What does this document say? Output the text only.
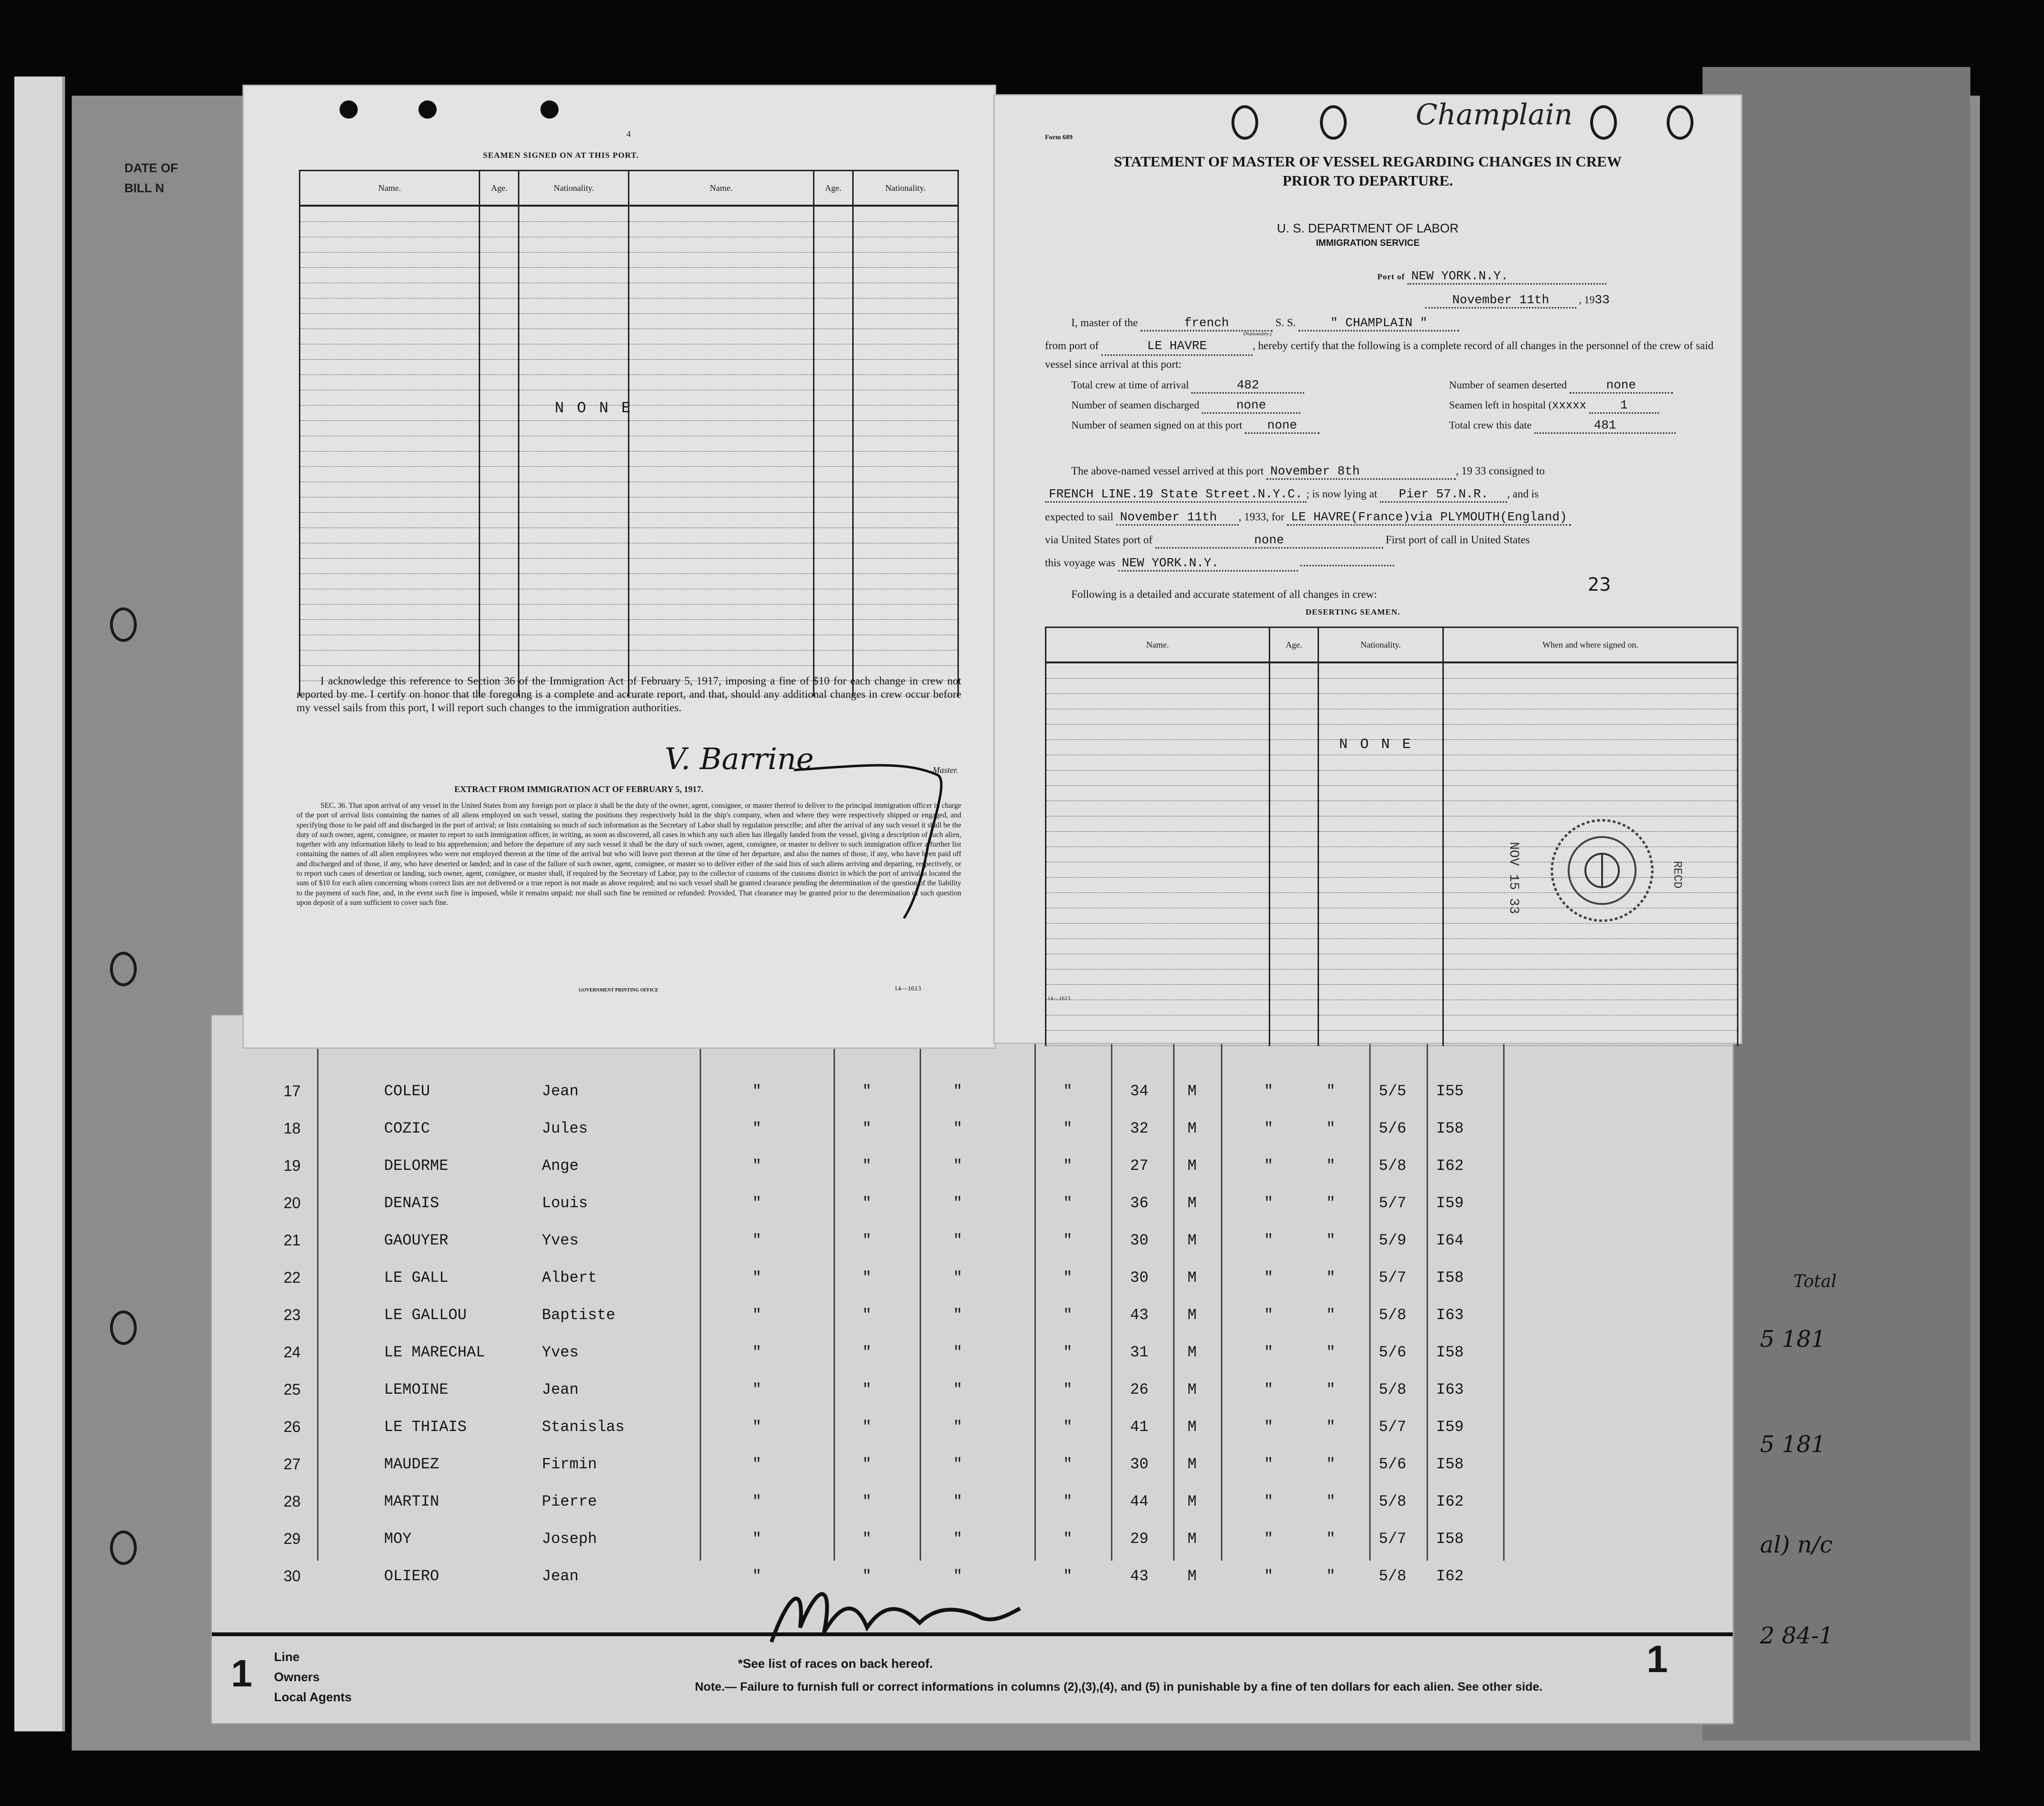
DATE OF
BILL N
17	COLEU	Jean	"	"	"	"	34	M	"	"	5/5 I55
18	COZIC	Jules	"	"	"	"	32	M	"	"	5/6 I58
19	DELORME	Ange	"	"	"	"	27	M	"	"	5/8 I62
20	DENAIS	Louis	"	"	"	"	36	M	"	"	5/7 I59
21	GAOUYER	Yves	"	"	"	"	30	M	"	"	5/9 I64
22	LE GALL	Albert	"	"	"	"	30	M	"	"	5/7 I58
23	LE GALLOU	Baptiste	"	"	"	"	43	M	"	"	5/8 I63
24	LE MARECHAL	Yves	"	"	"	"	31	M	"	"	5/6 I58
25	LEMOINE	Jean	"	"	"	"	26	M	"	"	5/8 I63
26	LE THIAIS	Stanislas	"	"	"	"	41	M	"	"	5/7 I59
27	MAUDEZ	Firmin	"	"	"	"	30	M	"	"	5/6 I58
28	MARTIN	Pierre	"	"	"	"	44	M	"	"	5/8 I62
29	MOY	Joseph	"	"	"	"	29	M	"	"	5/7 I58
30	OLIERO	Jean	"	"	"	"	43	M	"	"	5/8 I62
1 Line
Owners
Local Agents
*See list of races on back hereof.
Note.— Failure to furnish full or correct informations in columns (2),(3),(4), and (5) in punishable by a fine of ten dollars for each alien. See other side.
1
Total
5 181
5 181
al) n/c
2 84-1
4
SEAMEN SIGNED ON AT THIS PORT.
Name.	Age.	Nationality.	Name.	Age.	Nationality.

N O N E
I acknowledge this reference to Section 36 of the Immigration Act of February 5, 1917, imposing a fine of $10 for each change in crew not reported by me. I certify on honor that the foregoing is a complete and accurate report, and that, should any additional changes in crew occur before my vessel sails from this port, I will report such changes to the immigration authorities.
V. Barrine	Master.
EXTRACT FROM IMMIGRATION ACT OF FEBRUARY 5, 1917.
SEC. 36. That upon arrival of any vessel in the United States from any foreign port or place it shall be the duty of the owner, agent, consignee, or master thereof to deliver to the principal immigration officer in charge of the port of arrival lists containing the names of all aliens employed on such vessel, stating the positions they respectively hold in the ship's company, when and where they were respectively shipped or engaged, and specifying those to be paid off and discharged in the port of arrival; or lists containing so much of such information as the Secretary of Labor shall by regulation prescribe; and after the arrival of any such vessel it shall be the duty of such owner, agent, consignee, or master to report to such immigration officer, in writing, as soon as discovered, all cases in which any such alien has illegally landed from the vessel, giving a description of such alien, together with any information likely to lead to his apprehension; and before the departure of any such vessel it shall be the duty of such owner, agent, consignee, or master to deliver to such immigration officer a further list containing the names of all alien employees who were not employed thereon at the time of the arrival but who will leave port thereon at the time of her departure, and also the names of those, if any, who have been paid off and discharged and of those, if any, who have deserted or landed; and in case of the failure of such owner, agent, consignee, or master so to deliver either of the said lists of such aliens arriving and departing, respectively, or to report such cases of desertion or landing, such owner, agent, consignee, or master shall, if required by the Secretary of Labor, pay to the collector of customs of the customs district in which the port of arrival is located the sum of $10 for each alien concerning whom correct lists are not delivered or a true report is not made as above required; and no such vessel shall be granted clearance pending the determination of the question of the liability to the payment of such fine, and, in the event such fine is imposed, while it remains unpaid; nor shall such fine be remitted or refunded: Provided, That clearance may be granted prior to the determination of such question upon deposit of a sum sufficient to cover such fine.
GOVERNMENT PRINTING OFFICE	14—1613
Champlain
Form 689
STATEMENT OF MASTER OF VESSEL REGARDING CHANGES IN CREW
PRIOR TO DEPARTURE.
U. S. DEPARTMENT OF LABOR
IMMIGRATION SERVICE
Port of NEW YORK.N.Y.
November 11th	, 1933
I, master of the	french	S. S.	" CHAMPLAIN "
(Nationality.)
from port of	LE HAVRE	, hereby certify that the following is a complete record of all changes in the personnel of the crew of said vessel since arrival at this port:
Total crew at time of arrival	482	Number of seamen deserted	none
Number of seamen discharged	none	Seamen left in hospital (xxxxx	1
Number of seamen signed on at this port none	Total crew this date	481
The above-named vessel arrived at this port November 8th	, 19 33 consigned to
FRENCH LINE.19 State Street.N.Y.C. ; is now lying at Pier 57.N.R. , and is
expected to sail November 11th , 1933, for LE HAVRE(France)via PLYMOUTH(England)
via United States port of	none	First port of call in United States
this voyage was NEW YORK.N.Y.
23
Following is a detailed and accurate statement of all changes in crew:
DESERTING SEAMEN.
Name.	Age.	Nationality.	When and where signed on.

N O N E
NOV 15 33	RECD
14—1613
